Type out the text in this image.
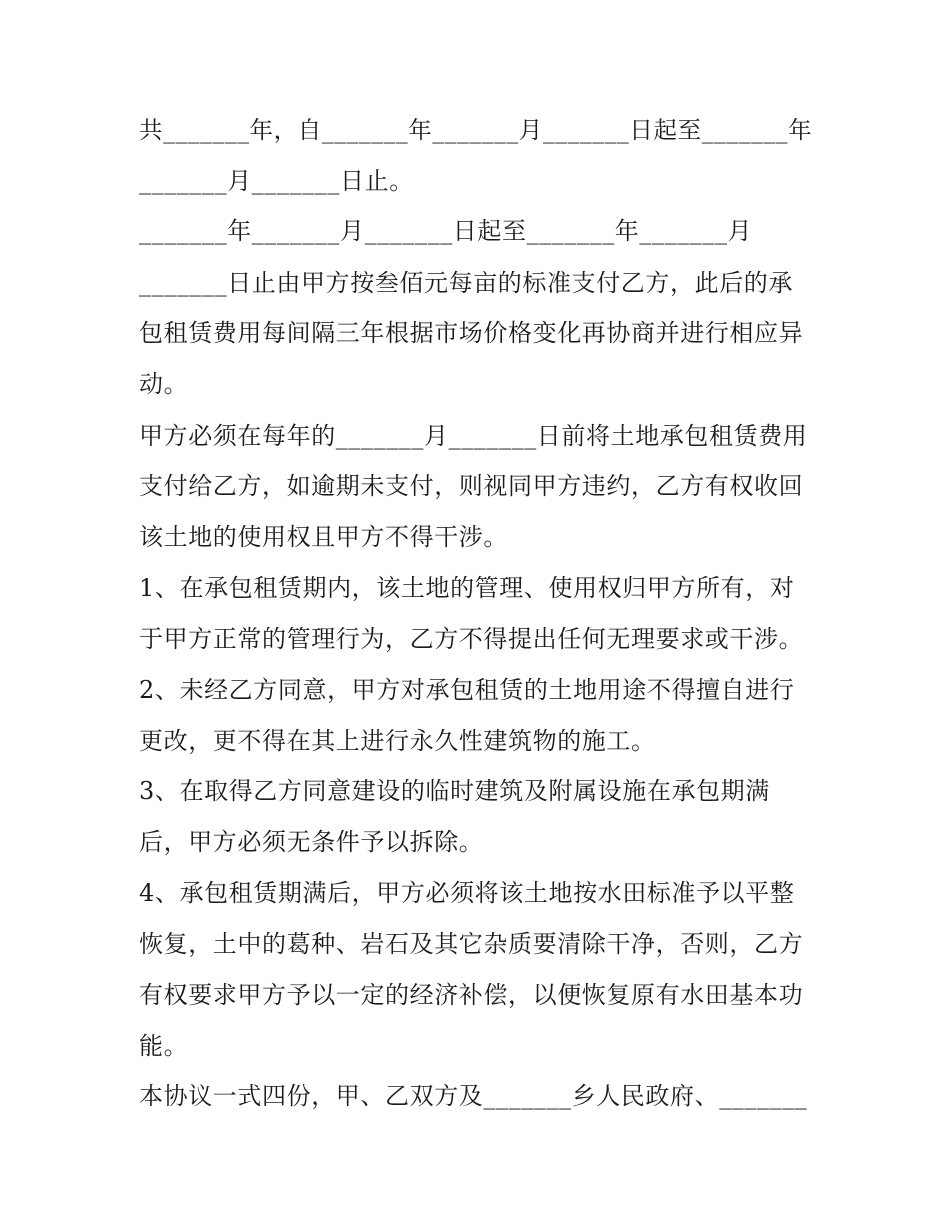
共_______年，自_______年_______月_______日起至_______年
_______月_______日止。
_______年_______月_______日起至_______年_______月
_______日止由甲方按叁佰元每亩的标准支付乙方，此后的承
包租赁费用每间隔三年根据市场价格变化再协商并进行相应异
动。
甲方必须在每年的_______月_______日前将土地承包租赁费用
支付给乙方，如逾期未支付，则视同甲方违约，乙方有权收回
该土地的使用权且甲方不得干涉。
1、在承包租赁期内，该土地的管理、使用权归甲方所有，对
于甲方正常的管理行为，乙方不得提出任何无理要求或干涉。
2、未经乙方同意，甲方对承包租赁的土地用途不得擅自进行
更改，更不得在其上进行永久性建筑物的施工。
3、在取得乙方同意建设的临时建筑及附属设施在承包期满
后，甲方必须无条件予以拆除。
4、承包租赁期满后，甲方必须将该土地按水田标准予以平整
恢复，土中的葛种、岩石及其它杂质要清除干净，否则，乙方
有权要求甲方予以一定的经济补偿，以便恢复原有水田基本功
能。
本协议一式四份，甲、乙双方及_______乡人民政府、_______
